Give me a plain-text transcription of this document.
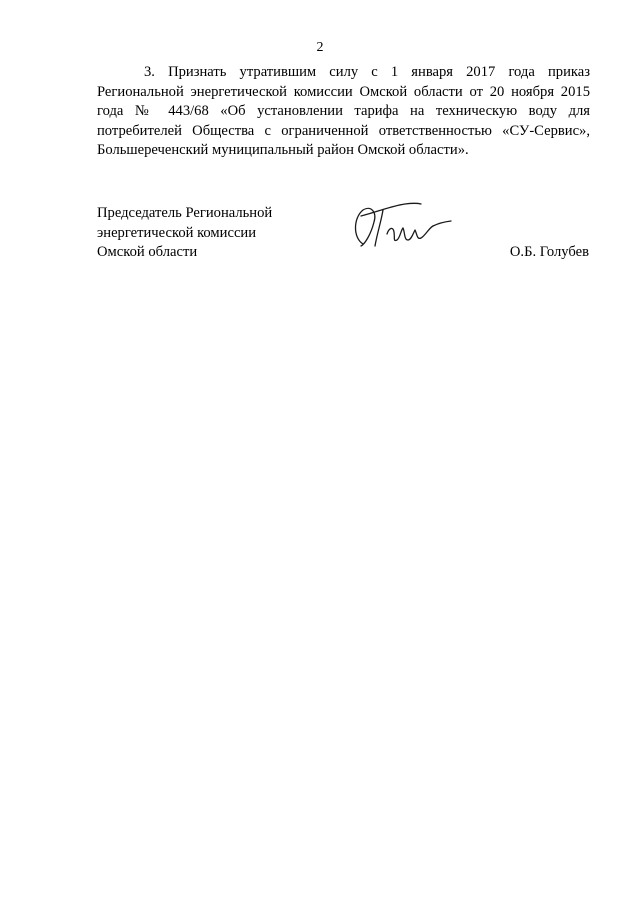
2

3. Признать утратившим силу с 1 января 2017 года приказ Региональной энергетической комиссии Омской области от 20 ноября 2015 года № 443/68 «Об установлении тарифа на техническую воду для потребителей Общества с ограниченной ответственностью «СУ-Сервис», Большереченский муниципальный район Омской области».

Председатель Региональной
энергетической комиссии
Омской области	О.Б. Голубев
